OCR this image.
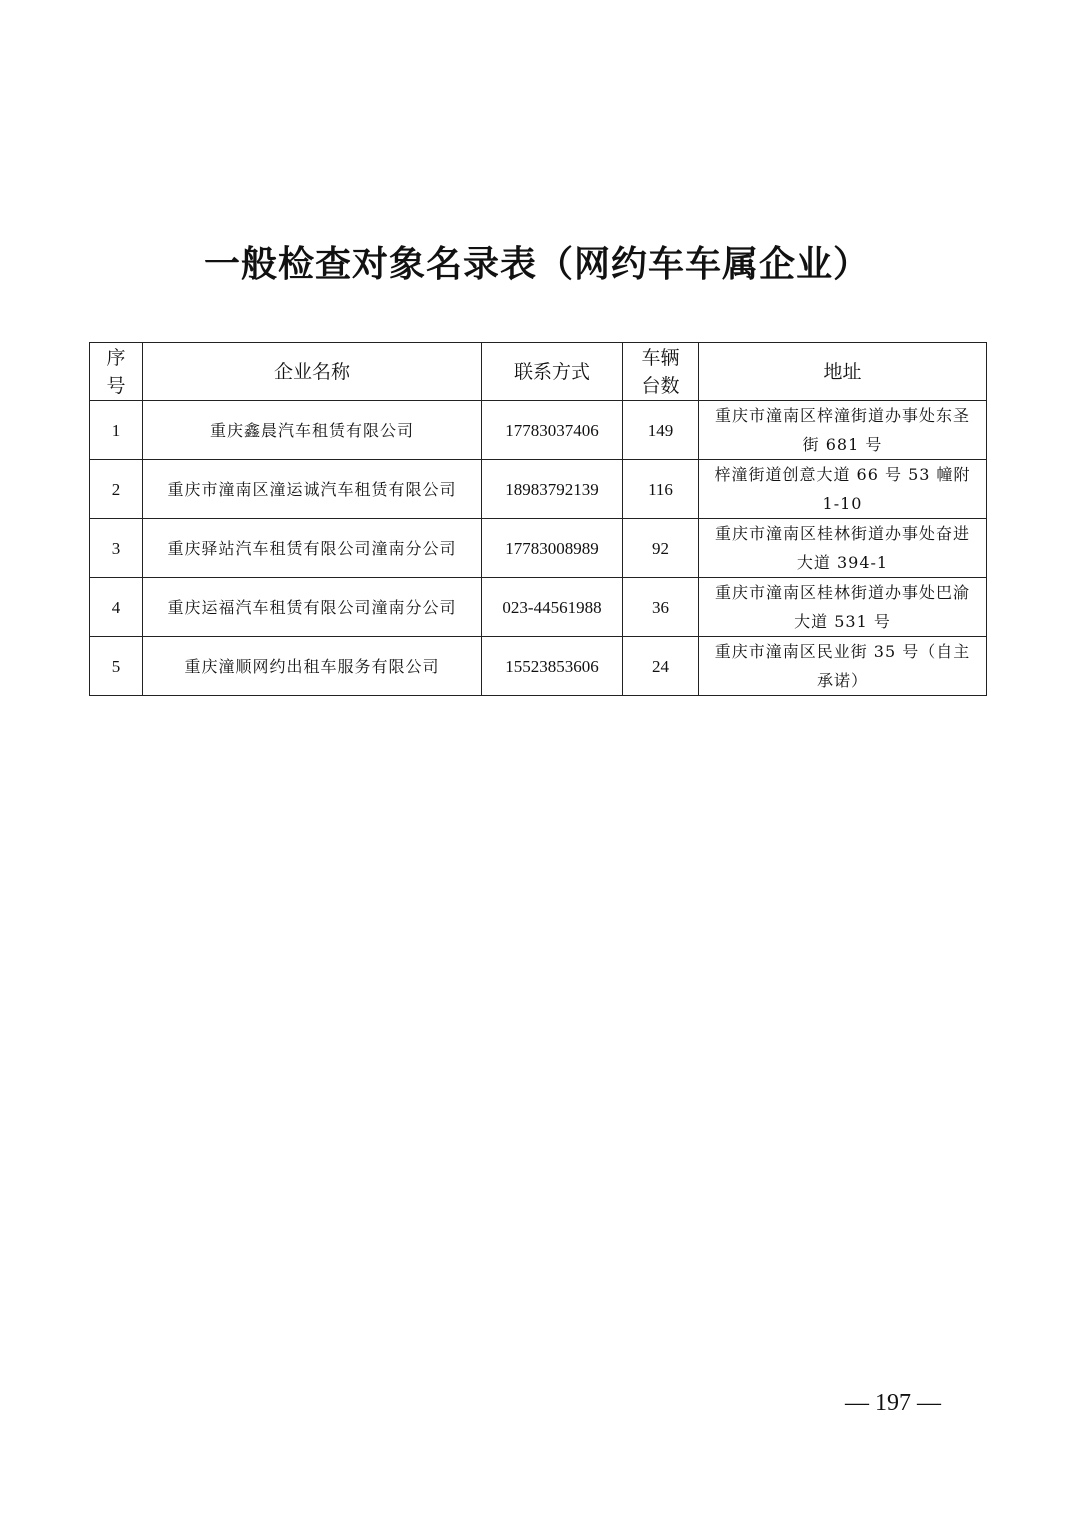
一般检查对象名录表（网约车车属企业）
序号	企业名称	联系方式	车辆台数	地址
1	重庆鑫晨汽车租赁有限公司	17783037406	149	重庆市潼南区梓潼街道办事处东圣街 681 号
2	重庆市潼南区潼运诚汽车租赁有限公司	18983792139	116	梓潼街道创意大道 66 号 53 幢附 1-10
3	重庆驿站汽车租赁有限公司潼南分公司	17783008989	92	重庆市潼南区桂林街道办事处奋进大道 394-1
4	重庆运福汽车租赁有限公司潼南分公司	023-44561988	36	重庆市潼南区桂林街道办事处巴渝大道 531 号
5	重庆潼顺网约出租车服务有限公司	15523853606	24	重庆市潼南区民业街 35 号（自主承诺）

— 197 —
